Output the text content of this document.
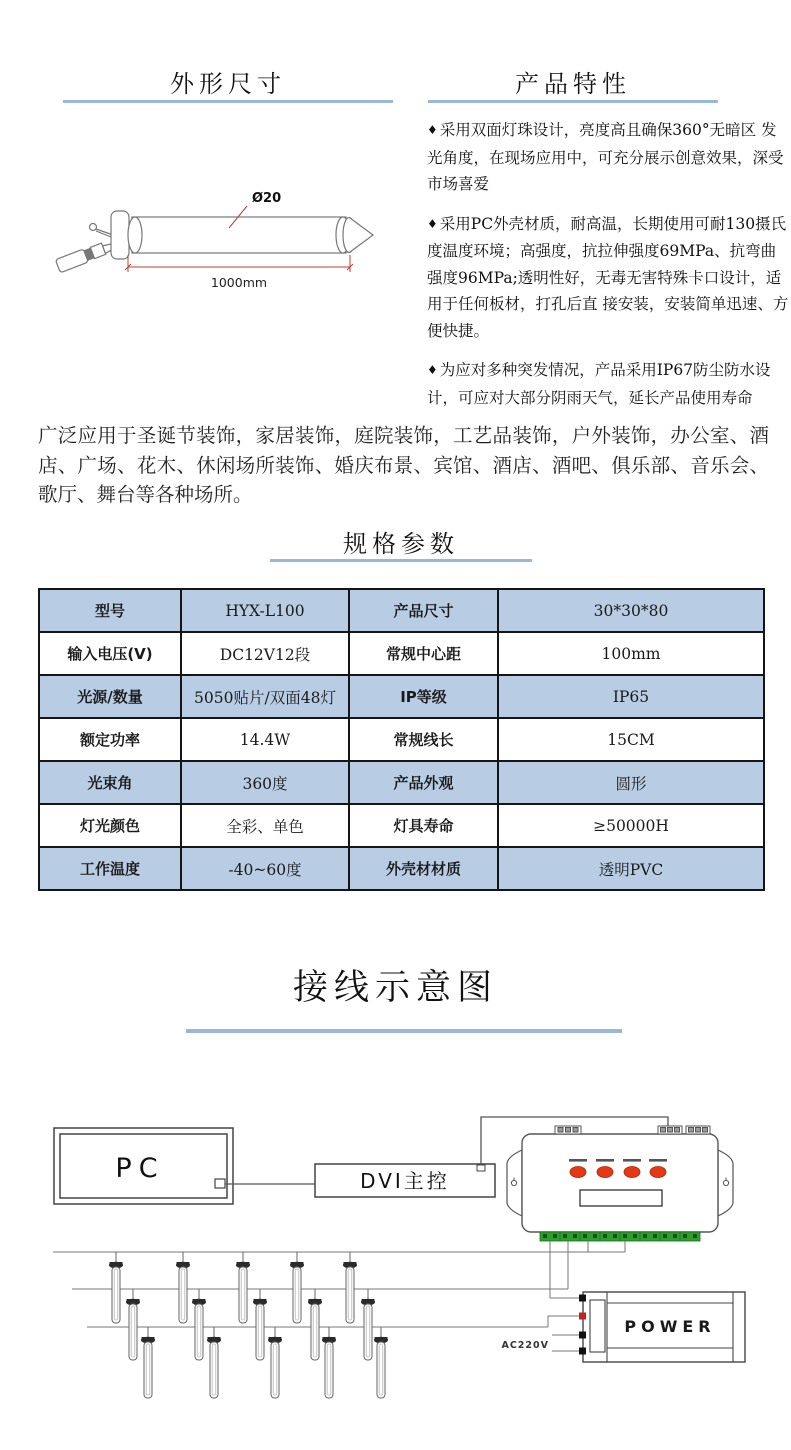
外形尺寸	产品特性
Ø20
1000mm

♦ 采用双面灯珠设计，亮度高且确保360°无暗区 发光角度，在现场应用中，可充分展示创意效果，深受市场喜爱

♦ 采用PC外壳材质，耐高温，长期使用可耐130摄氏 度温度环境；高强度，抗拉伸强度69MPa、抗弯曲强度96MPa;透明性好，无毒无害特殊卡口设计，适用于任何板材，打孔后直 接安装，安装简单迅速、方便快捷。

♦ 为应对多种突发情况，产品采用IP67防尘防水设计，可应对大部分阴雨天气，延长产品使用寿命

广泛应用于圣诞节装饰，家居装饰，庭院装饰，工艺品装饰，户外装饰，办公室、酒店、广场、花木、休闲场所装饰、婚庆布景、宾馆、酒店、酒吧、俱乐部、音乐会、歌厅、舞台等各种场所。
规格参数
型号	HYX-L100	产品尺寸	30*30*80
输入电压(V)	DC12V12段	常规中心距	100mm
光源/数量	5050贴片/双面48灯	IP等级	IP65
额定功率	14.4W	常规线长	15CM
光束角	360度	产品外观	圆形
灯光颜色	全彩、单色	灯具寿命	≥50000H
工作温度	-40~60度	外壳材材质	透明PVC
接线示意图
PC	DVI主控
POWER
AC220V
